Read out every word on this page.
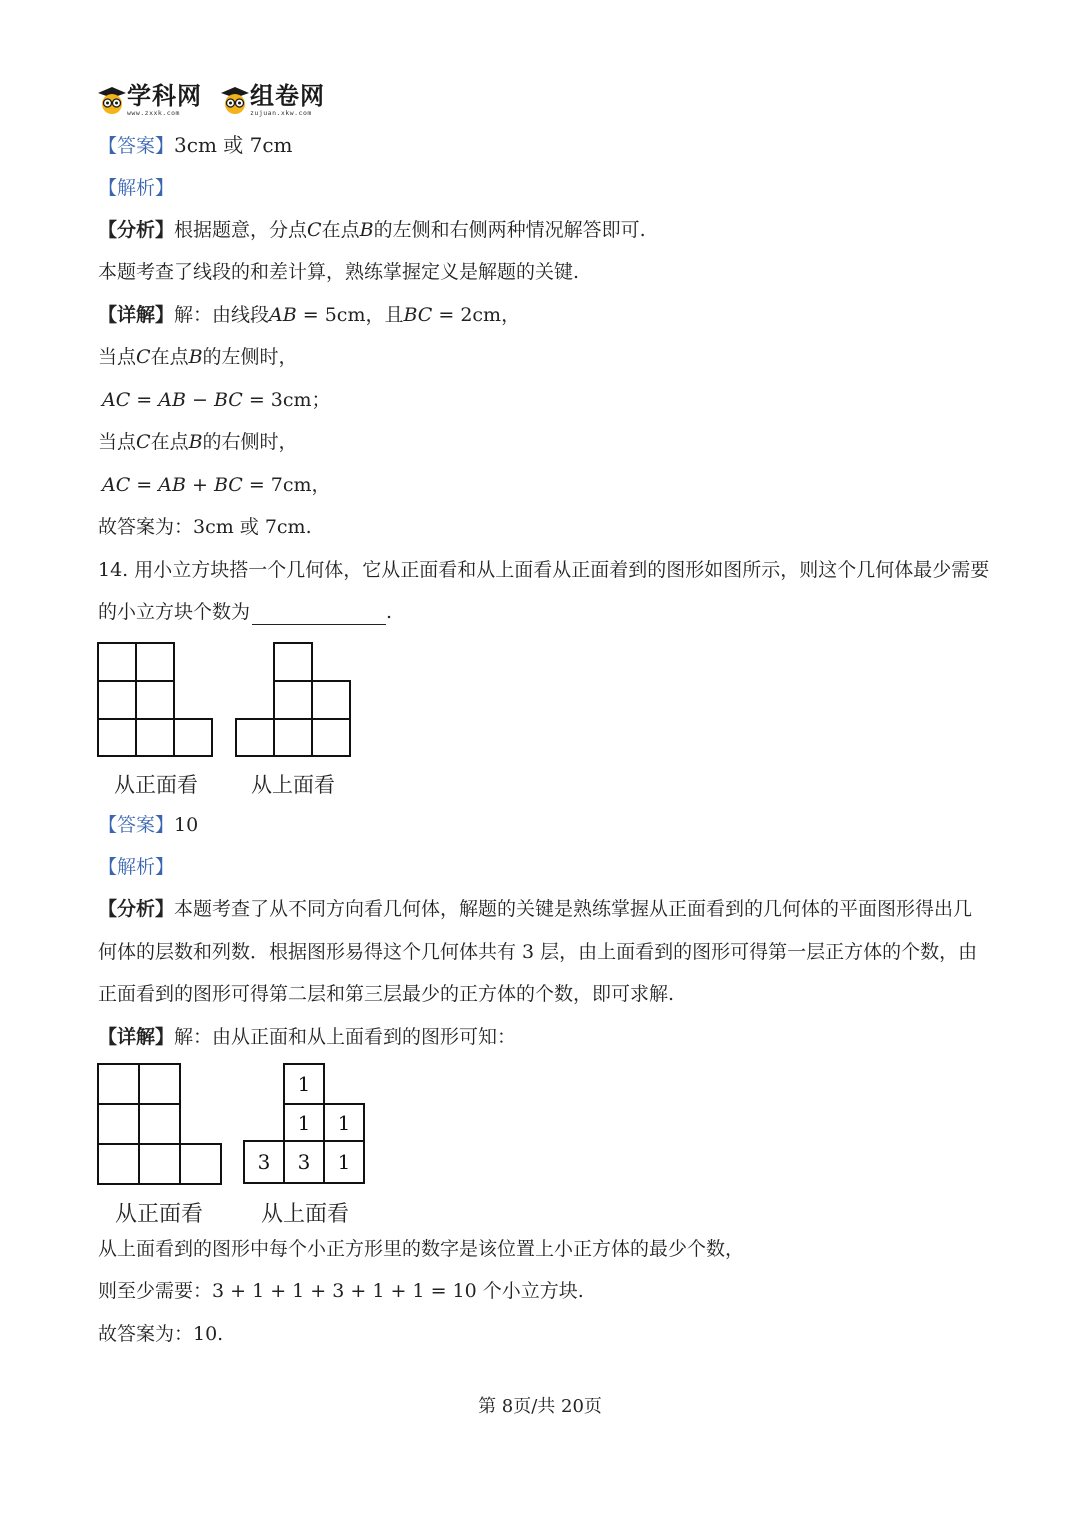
学科网
www.zxxk.com
组卷网
zujuan.xkw.com
【答案】3cm 或 7cm
【解析】
【分析】根据题意，分点C在点B的左侧和右侧两种情况解答即可.
本题考查了线段的和差计算，熟练掌握定义是解题的关键.
【详解】解：由线段AB = 5cm，且BC = 2cm，
当点C在点B的左侧时，
AC = AB − BC = 3cm；
当点C在点B的右侧时，
AC = AB + BC = 7cm，
故答案为：3cm 或 7cm.
14. 用小立方块搭一个几何体，它从正面看和从上面看从正面着到的图形如图所示，则这个几何体最少需要
的小立方块个数为	.
从正面看	从上面看
【答案】10
【解析】
【分析】本题考查了从不同方向看几何体，解题的关键是熟练掌握从正面看到的几何体的平面图形得出几
何体的层数和列数．根据图形易得这个几何体共有 3 层，由上面看到的图形可得第一层正方体的个数，由
正面看到的图形可得第二层和第三层最少的正方体的个数，即可求解.
【详解】解：由从正面和从上面看到的图形可知：
1
1 1
3 3 1
从正面看	从上面看
从上面看到的图形中每个小正方形里的数字是该位置上小正方体的最少个数，
则至少需要：3 + 1 + 1 + 3 + 1 + 1 = 10 个小立方块.
故答案为：10.
第 8页/共 20页
